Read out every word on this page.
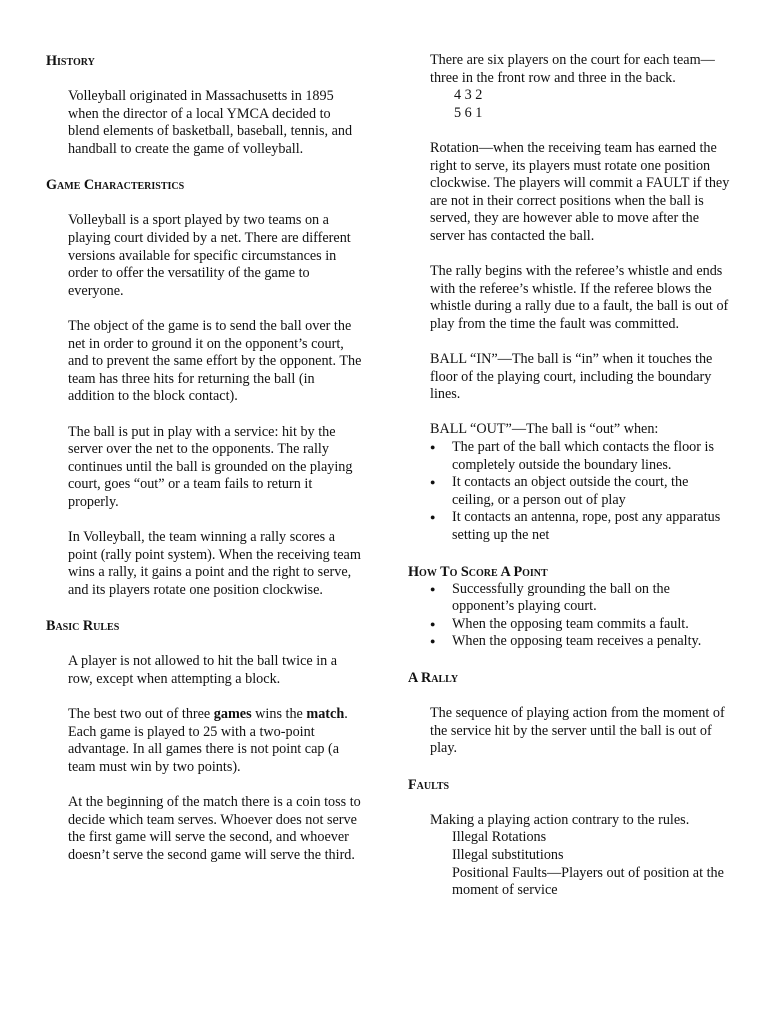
History

Volleyball originated in Massachusetts in 1895 when the director of a local YMCA decided to blend elements of basketball, baseball, tennis, and handball to create the game of volleyball.

Game Characteristics

Volleyball is a sport played by two teams on a playing court divided by a net. There are different versions available for specific circumstances in order to offer the versatility of the game to everyone.

The object of the game is to send the ball over the net in order to ground it on the opponent’s court, and to prevent the same effort by the opponent. The team has three hits for returning the ball (in addition to the block contact).

The ball is put in play with a service: hit by the server over the net to the opponents. The rally continues until the ball is grounded on the playing court, goes “out” or a team fails to return it properly.

In Volleyball, the team winning a rally scores a point (rally point system). When the receiving team wins a rally, it gains a point and the right to serve, and its players rotate one position clockwise.

Basic Rules

A player is not allowed to hit the ball twice in a row, except when attempting a block.

The best two out of three games wins the match. Each game is played to 25 with a two-point advantage. In all games there is not point cap (a team must win by two points).

At the beginning of the match there is a coin toss to decide which team serves. Whoever does not serve the first game will serve the second, and whoever doesn’t serve the second game will serve the third.

There are six players on the court for each team—three in the front row and three in the back.

4 3 2
5 6 1

Rotation—when the receiving team has earned the right to serve, its players must rotate one position clockwise. The players will commit a FAULT if they are not in their correct positions when the ball is served, they are however able to move after the server has contacted the ball.

The rally begins with the referee’s whistle and ends with the referee’s whistle. If the referee blows the whistle during a rally due to a fault, the ball is out of play from the time the fault was committed.

BALL “IN”—The ball is “in” when it touches the floor of the playing court, including the boundary lines.

BALL “OUT”—The ball is “out” when:

● The part of the ball which contacts the floor is completely outside the boundary lines.
● It contacts an object outside the court, the ceiling, or a person out of play
● It contacts an antenna, rope, post any apparatus setting up the net
How To Score A Point
● Successfully grounding the ball on the opponent’s playing court.
● When the opposing team commits a fault.
● When the opposing team receives a penalty.
A Rally

The sequence of playing action from the moment of the service hit by the server until the ball is out of play.

Faults

Making a playing action contrary to the rules.

Illegal Rotations
Illegal substitutions
Positional Faults—Players out of position at the moment of service
